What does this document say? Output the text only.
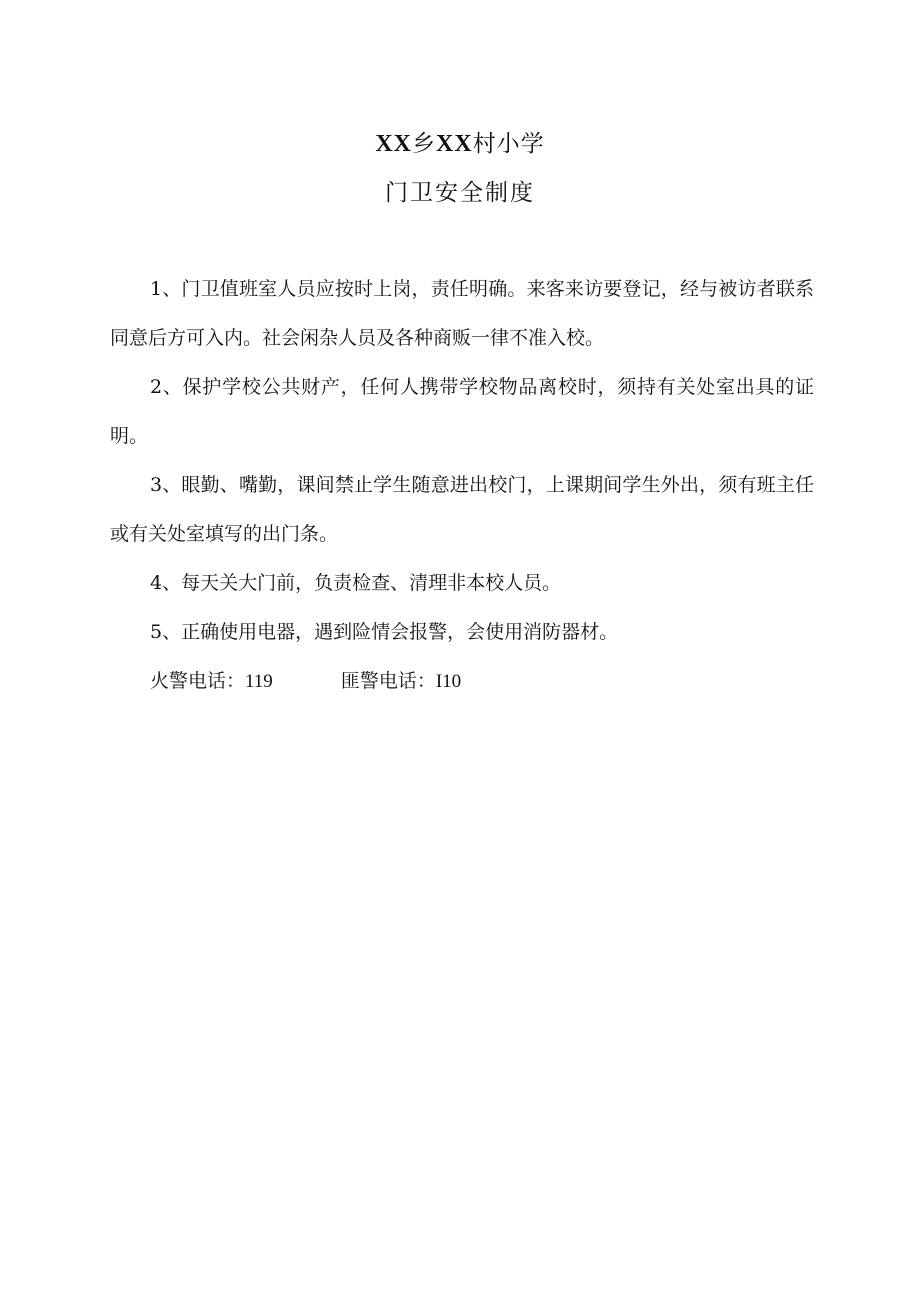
XX乡XX村小学
门卫安全制度

1、门卫值班室人员应按时上岗，责任明确。来客来访要登记，经与被访者联系同意后方可入内。社会闲杂人员及各种商贩一律不准入校。

2、保护学校公共财产，任何人携带学校物品离校时，须持有关处室出具的证明。

3、眼勤、嘴勤，课间禁止学生随意进出校门，上课期间学生外出，须有班主任或有关处室填写的出门条。

4、每天关大门前，负责检查、清理非本校人员。

5、正确使用电器，遇到险情会报警，会使用消防器材。

火警电话：119	匪警电话：I10
